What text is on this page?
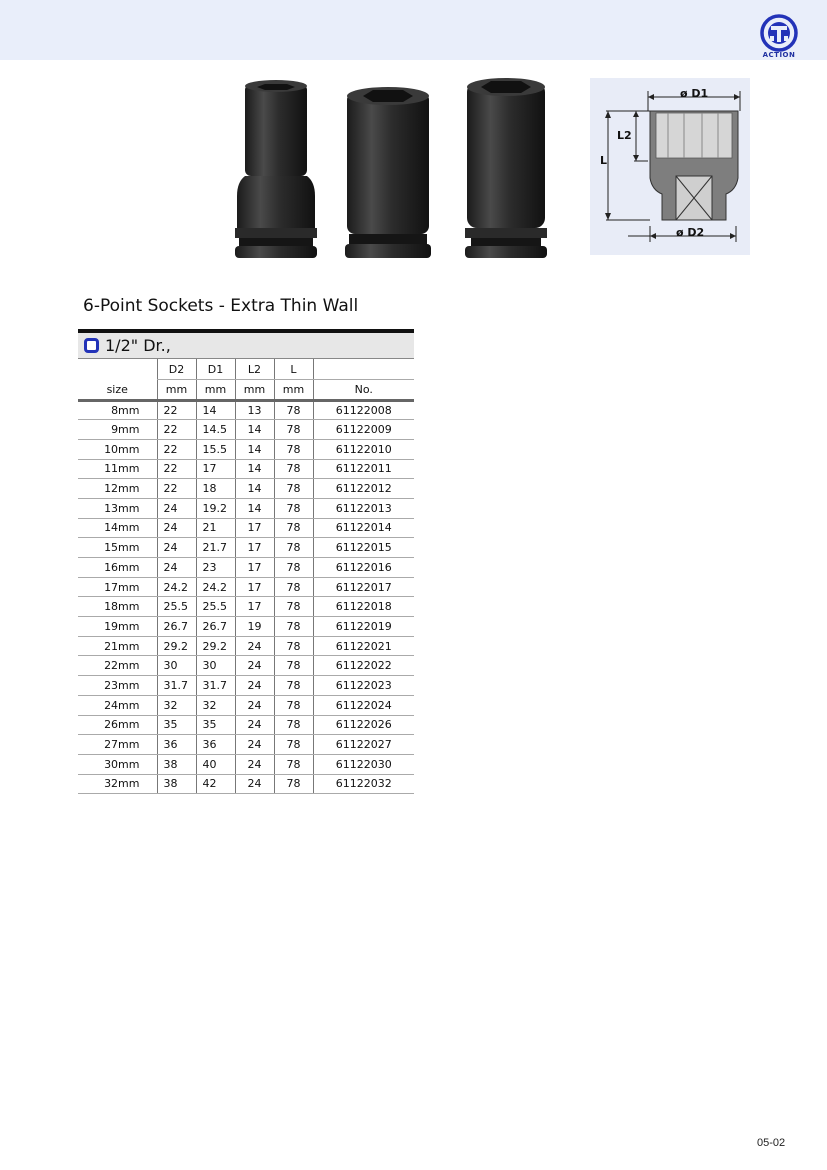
ACTION
ø D1
L
L2
ø D2
6-Point Sockets - Extra Thin Wall
1/2" Dr.,
	D2	D1	L2	L	
size	mm	mm	mm	mm	No.
8mm	22	14	13	78	61122008
9mm	22	14.5	14	78	61122009
10mm	22	15.5	14	78	61122010
11mm	22	17	14	78	61122011
12mm	22	18	14	78	61122012
13mm	24	19.2	14	78	61122013
14mm	24	21	17	78	61122014
15mm	24	21.7	17	78	61122015
16mm	24	23	17	78	61122016
17mm	24.2	24.2	17	78	61122017
18mm	25.5	25.5	17	78	61122018
19mm	26.7	26.7	19	78	61122019
21mm	29.2	29.2	24	78	61122021
22mm	30	30	24	78	61122022
23mm	31.7	31.7	24	78	61122023
24mm	32	32	24	78	61122024
26mm	35	35	24	78	61122026
27mm	36	36	24	78	61122027
30mm	38	40	24	78	61122030
32mm	38	42	24	78	61122032
05-02
